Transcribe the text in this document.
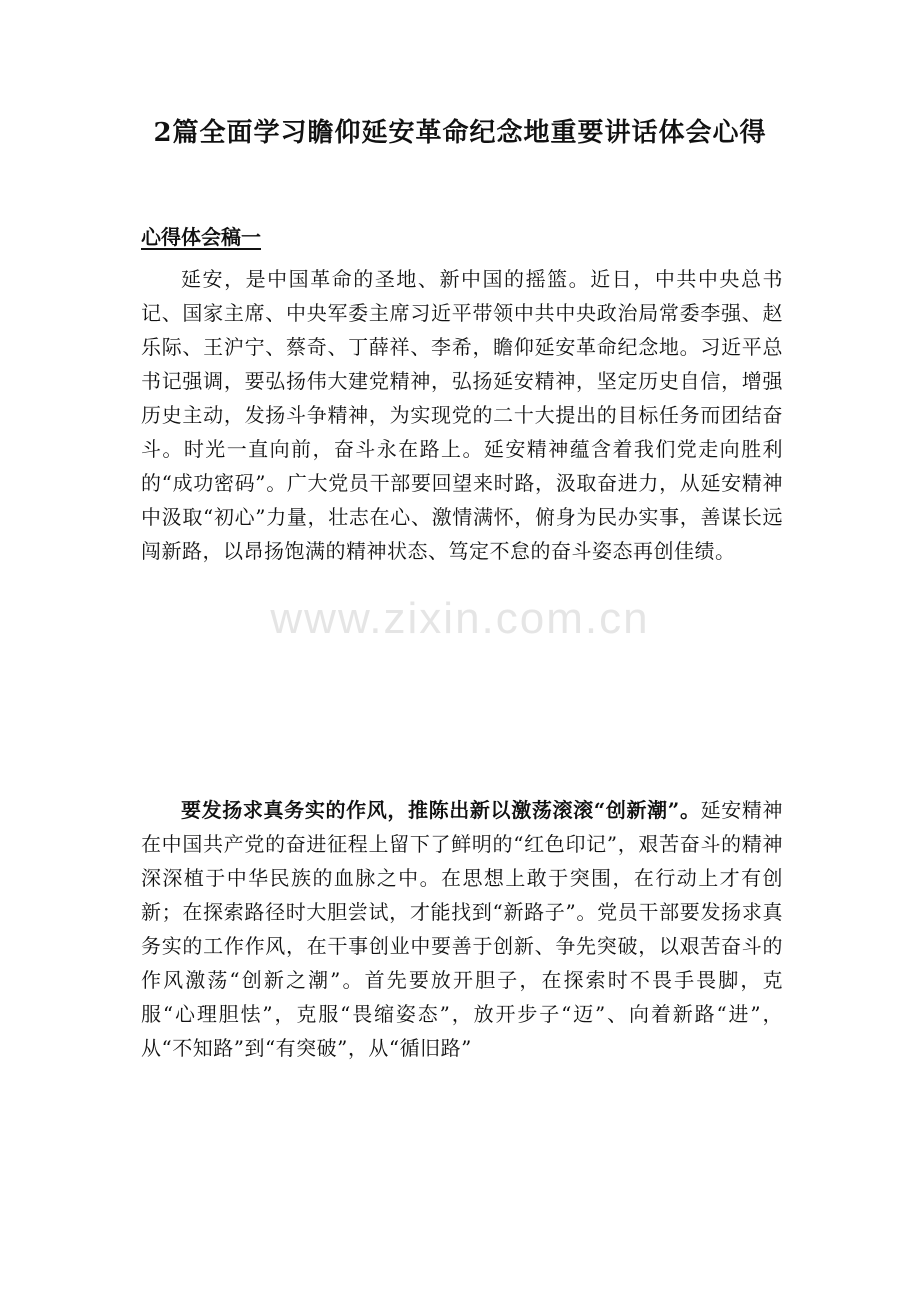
2篇全面学习瞻仰延安革命纪念地重要讲话体会心得
心得体会稿一

延安，是中国革命的圣地、新中国的摇篮。近日，中共中央总书记、国家主席、中央军委主席习近平带领中共中央政治局常委李强、赵乐际、王沪宁、蔡奇、丁薛祥、李希，瞻仰延安革命纪念地。习近平总书记强调，要弘扬伟大建党精神，弘扬延安精神，坚定历史自信，增强历史主动，发扬斗争精神，为实现党的二十大提出的目标任务而团结奋斗。时光一直向前，奋斗永在路上。延安精神蕴含着我们党走向胜利的“成功密码”。广大党员干部要回望来时路，汲取奋进力，从延安精神中汲取“初心”力量，壮志在心、激情满怀，俯身为民办实事，善谋长远闯新路，以昂扬饱满的精神状态、笃定不怠的奋斗姿态再创佳绩。

要发扬求真务实的作风，推陈出新以激荡滚滚“创新潮”。延安精神在中国共产党的奋进征程上留下了鲜明的“红色印记”，艰苦奋斗的精神深深植于中华民族的血脉之中。在思想上敢于突围，在行动上才有创新；在探索路径时大胆尝试，才能找到“新路子”。党员干部要发扬求真务实的工作作风，在干事创业中要善于创新、争先突破，以艰苦奋斗的作风激荡“创新之潮”。首先要放开胆子，在探索时不畏手畏脚，克服“心理胆怯”，克服“畏缩姿态”，放开步子“迈”、向着新路“进”，从“不知路”到“有突破”，从“循旧路”

www.zixin.com.cn
